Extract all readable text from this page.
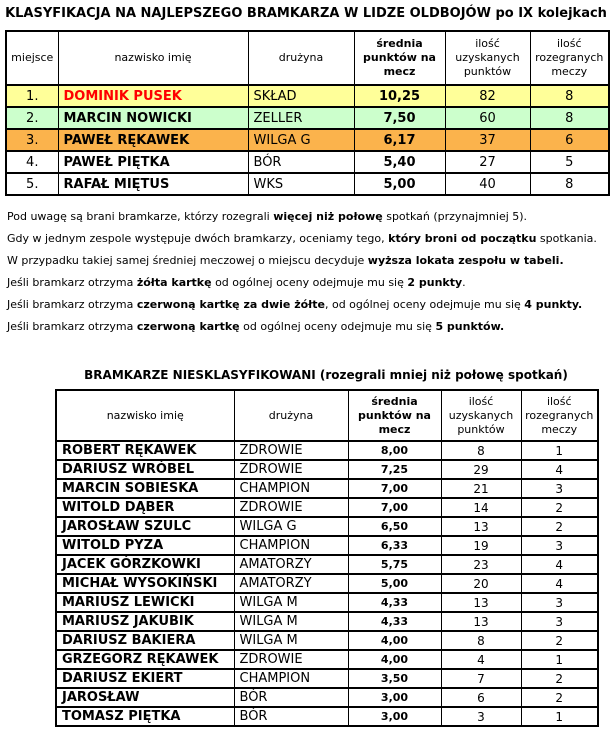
KLASYFIKACJA NA NAJLEPSZEGO BRAMKARZA W LIDZE OLDBOJÓW po IX kolejkach
miejsce	nazwisko imię	drużyna	średnia punktów na mecz	ilość uzyskanych punktów	ilość rozegranych meczy
1.	DOMINIK PUSEK	SKŁAD	10,25	82	8
2.	MARCIN NOWICKI	ZELLER	7,50	60	8
3.	PAWEŁ RĘKAWEK	WILGA G	6,17	37	6
4.	PAWEŁ PIĘTKA	BÓR	5,40	27	5
5.	RAFAŁ MIĘTUS	WKS	5,00	40	8
Pod uwagę są brani bramkarze, którzy rozegrali więcej niż połowę spotkań (przynajmniej 5).
Gdy w jednym zespole występuje dwóch bramkarzy, oceniamy tego, który broni od początku spotkania.
W przypadku takiej samej średniej meczowej o miejscu decyduje wyższa lokata zespołu w tabeli.
Jeśli bramkarz otrzyma żółta kartkę od ogólnej oceny odejmuje mu się 2 punkty.
Jeśli bramkarz otrzyma czerwoną kartkę za dwie żółte, od ogólnej oceny odejmuje mu się 4 punkty.
Jeśli bramkarz otrzyma czerwoną kartkę od ogólnej oceny odejmuje mu się 5 punktów.
BRAMKARZE NIESKLASYFIKOWANI (rozegrali mniej niż połowę spotkań)
nazwisko imię	drużyna	średnia punktów na mecz	ilość uzyskanych punktów	ilość rozegranych meczy
ROBERT RĘKAWEK	ZDROWIE	8,00	8	1
DARIUSZ WRÓBEL	ZDROWIE	7,25	29	4
MARCIN SOBIESKA	CHAMPION	7,00	21	3
WITOLD DĄBER	ZDROWIE	7,00	14	2
JAROSŁAW SZULC	WILGA G	6,50	13	2
WITOLD PYZA	CHAMPION	6,33	19	3
JACEK GÓRZKOWKI	AMATORZY	5,75	23	4
MICHAŁ WYSOKIŃSKI	AMATORZY	5,00	20	4
MARIUSZ LEWICKI	WILGA M	4,33	13	3
MARIUSZ JAKUBIK	WILGA M	4,33	13	3
DARIUSZ BAKIERA	WILGA M	4,00	8	2
GRZEGORZ RĘKAWEK	ZDROWIE	4,00	4	1
DARIUSZ EKIERT	CHAMPION	3,50	7	2
JAROSŁAW	BÓR	3,00	6	2
TOMASZ PIĘTKA	BÓR	3,00	3	1
